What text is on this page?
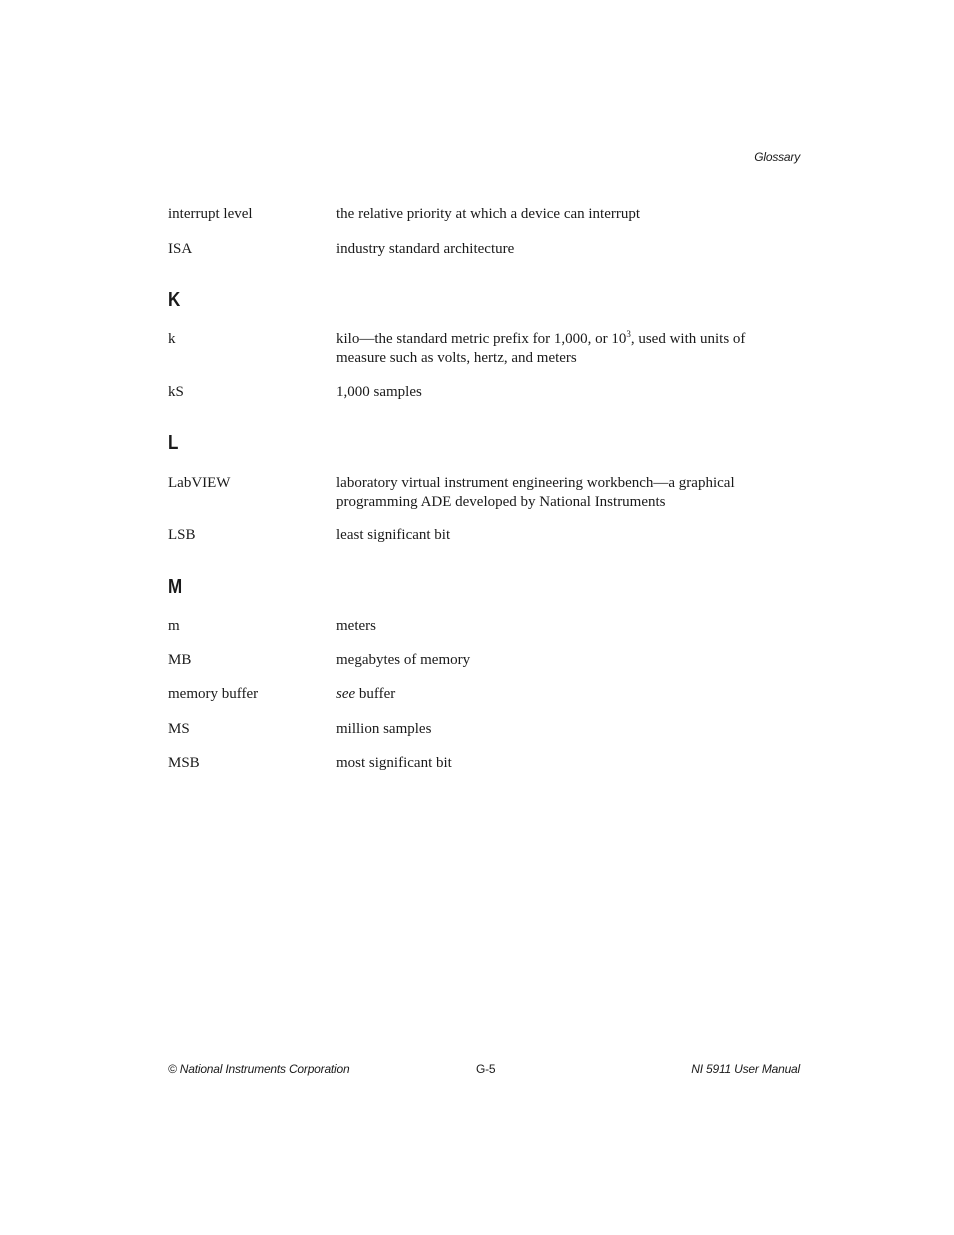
Glossary
interrupt level	the relative priority at which a device can interrupt
ISA	industry standard architecture
K
k	kilo—the standard metric prefix for 1,000, or $10^3$, used with units of measure such as volts, hertz, and meters
kS	1,000 samples
L
LabVIEW	laboratory virtual instrument engineering workbench—a graphical programming ADE developed by National Instruments
LSB	least significant bit
M
m	meters
MB	megabytes of memory
memory buffer	see buffer
MS	million samples
MSB	most significant bit
© National Instruments Corporation	G-5	NI 5911 User Manual
